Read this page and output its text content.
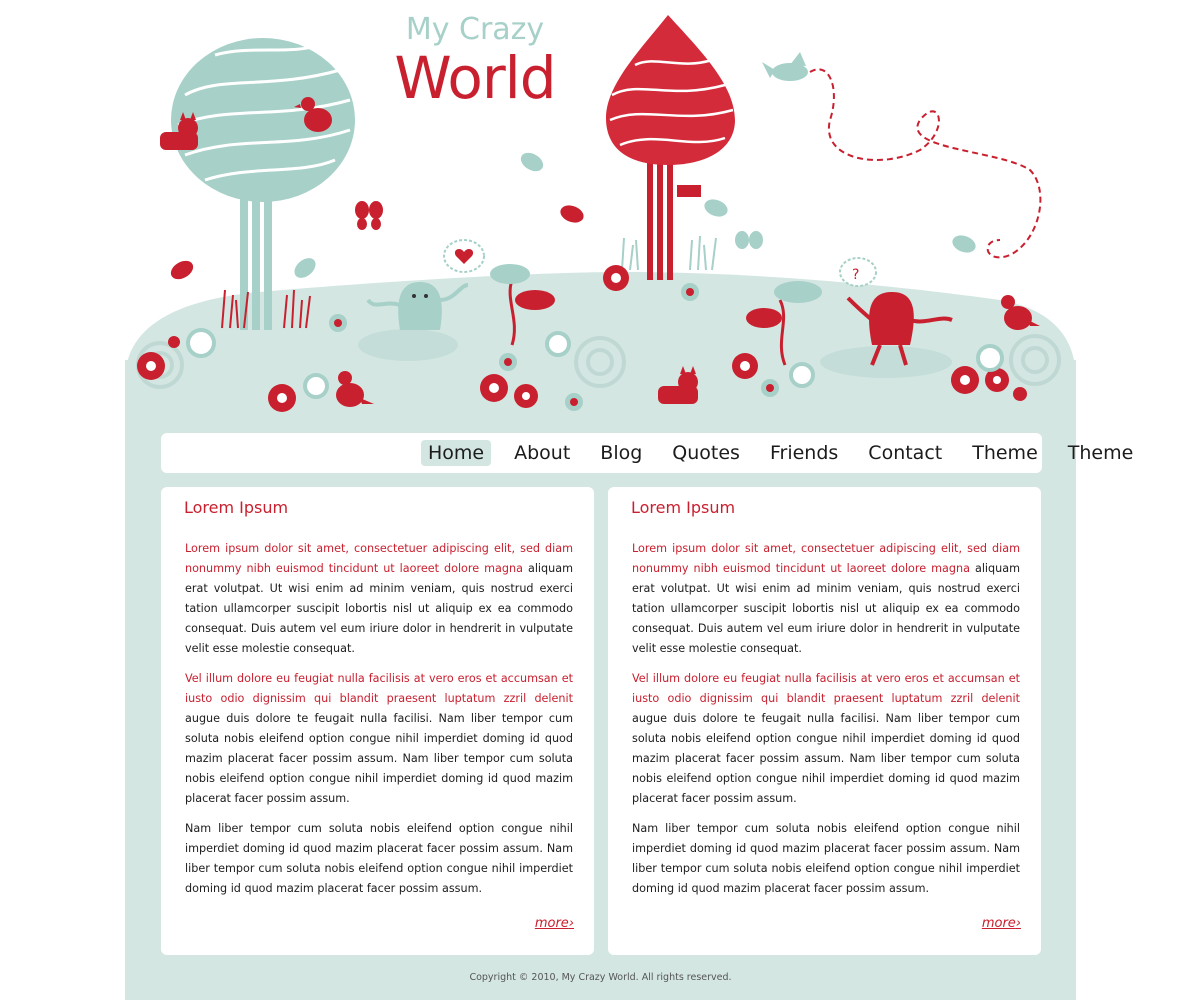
?
My Crazy
World
Home	About	Blog	Quotes	Friends	Contact	Theme	Theme
Lorem Ipsum

Lorem ipsum dolor sit amet, consectetuer adipiscing elit, sed diam nonummy nibh euismod tincidunt ut laoreet dolore magna aliquam erat volutpat. Ut wisi enim ad minim veniam, quis nostrud exerci tation ullamcorper suscipit lobortis nisl ut aliquip ex ea commodo consequat. Duis autem vel eum iriure dolor in hendrerit in vulputate velit esse molestie consequat.

Vel illum dolore eu feugiat nulla facilisis at vero eros et accumsan et iusto odio dignissim qui blandit praesent luptatum zzril delenit augue duis dolore te feugait nulla facilisi. Nam liber tempor cum soluta nobis eleifend option congue nihil imperdiet doming id quod mazim placerat facer possim assum. Nam liber tempor cum soluta nobis eleifend option congue nihil imperdiet doming id quod mazim placerat facer possim assum.

Nam liber tempor cum soluta nobis eleifend option congue nihil imperdiet doming id quod mazim placerat facer possim assum. Nam liber tempor cum soluta nobis eleifend option congue nihil imperdiet doming id quod mazim placerat facer possim assum.

more›
Lorem Ipsum

Lorem ipsum dolor sit amet, consectetuer adipiscing elit, sed diam nonummy nibh euismod tincidunt ut laoreet dolore magna aliquam erat volutpat. Ut wisi enim ad minim veniam, quis nostrud exerci tation ullamcorper suscipit lobortis nisl ut aliquip ex ea commodo consequat. Duis autem vel eum iriure dolor in hendrerit in vulputate velit esse molestie consequat.

Vel illum dolore eu feugiat nulla facilisis at vero eros et accumsan et iusto odio dignissim qui blandit praesent luptatum zzril delenit augue duis dolore te feugait nulla facilisi. Nam liber tempor cum soluta nobis eleifend option congue nihil imperdiet doming id quod mazim placerat facer possim assum. Nam liber tempor cum soluta nobis eleifend option congue nihil imperdiet doming id quod mazim placerat facer possim assum.

Nam liber tempor cum soluta nobis eleifend option congue nihil imperdiet doming id quod mazim placerat facer possim assum. Nam liber tempor cum soluta nobis eleifend option congue nihil imperdiet doming id quod mazim placerat facer possim assum.

more›
Copyright © 2010, My Crazy World. All rights reserved.
